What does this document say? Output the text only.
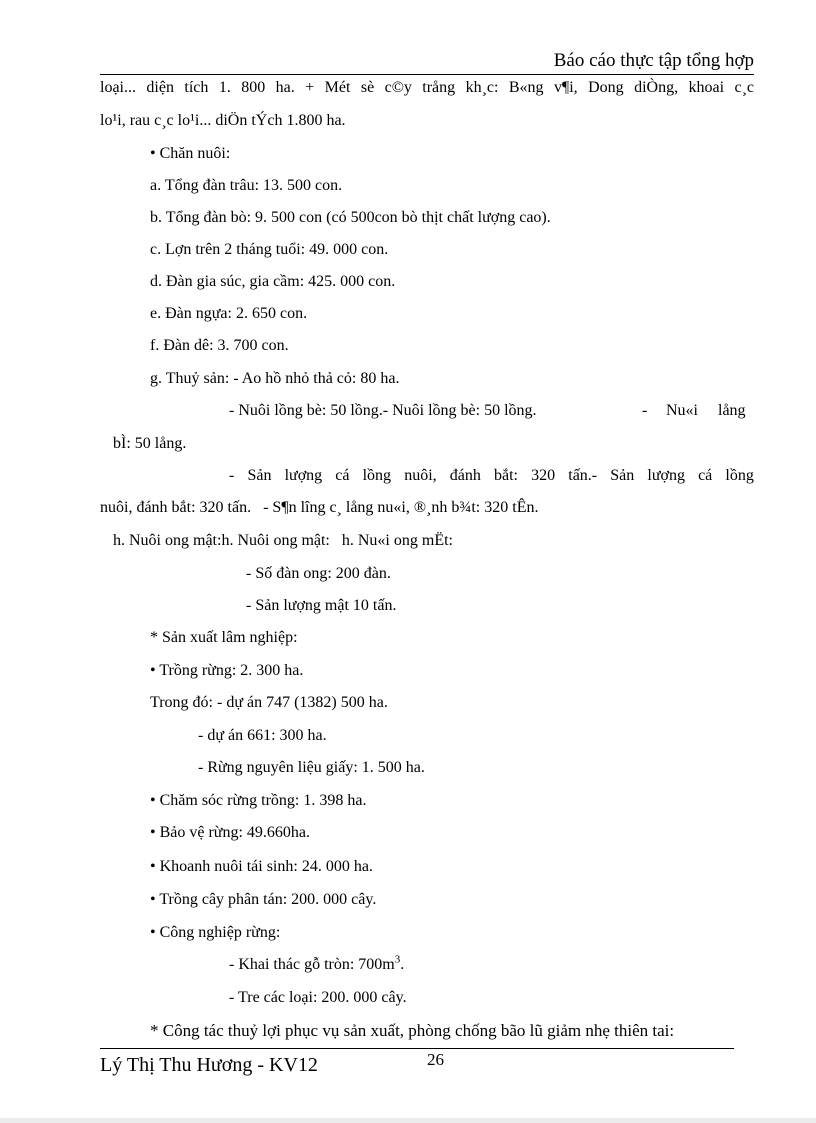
Báo cáo thực tập tổng hợp
loại... diện tích 1. 800 ha. + Mét sè c©y trång kh¸c: B«ng v¶i, Dong diÒng, khoai c¸c
lo¹i, rau c¸c lo¹i... diÖn tÝch 1.800 ha.
• Chăn nuôi:
a. Tổng đàn trâu: 13. 500 con.
b. Tổng đàn bò: 9. 500 con (có 500con bò thịt chất lượng cao).
c. Lợn trên 2 tháng tuổi: 49. 000 con.
d. Đàn gia súc, gia cầm: 425. 000 con.
e. Đàn ngựa: 2. 650 con.
f. Đàn dê: 3. 700 con.
g. Thuỷ sản: - Ao hồ nhỏ thả cỏ: 80 ha.
- Nuôi lồng bè: 50 lồng.- Nuôi lồng bè: 50 lồng.	- Nu«i lång
bÌ: 50 lång.
- Sản lượng cá lồng nuôi, đánh bắt: 320 tấn.- Sản lượng cá lồng
nuôi, đánh bắt: 320 tấn.   - S¶n lîng c¸ lång nu«i, ®¸nh b¾t: 320 tÊn.
h. Nuôi ong mật:h. Nuôi ong mật:   h. Nu«i ong mËt:
- Số đàn ong: 200 đàn.
- Sản lượng mật 10 tấn.
* Sản xuất lâm nghiệp:
• Trồng rừng: 2. 300 ha.
Trong đó: - dự án 747 (1382) 500 ha.
- dự án 661: 300 ha.
- Rừng nguyên liệu giấy: 1. 500 ha.
• Chăm sóc rừng trồng: 1. 398 ha.
• Bảo vệ rừng: 49.660ha.
• Khoanh nuôi tái sinh: 24. 000 ha.
• Trồng cây phân tán: 200. 000 cây.
• Công nghiệp rừng:
- Khai thác gỗ tròn: $700m^3$.
- Tre các loại: 200. 000 cây.
* Công tác thuỷ lợi phục vụ sản xuất, phòng chống bão lũ giảm nhẹ thiên tai:
Lý Thị Thu Hương - KV12	26
